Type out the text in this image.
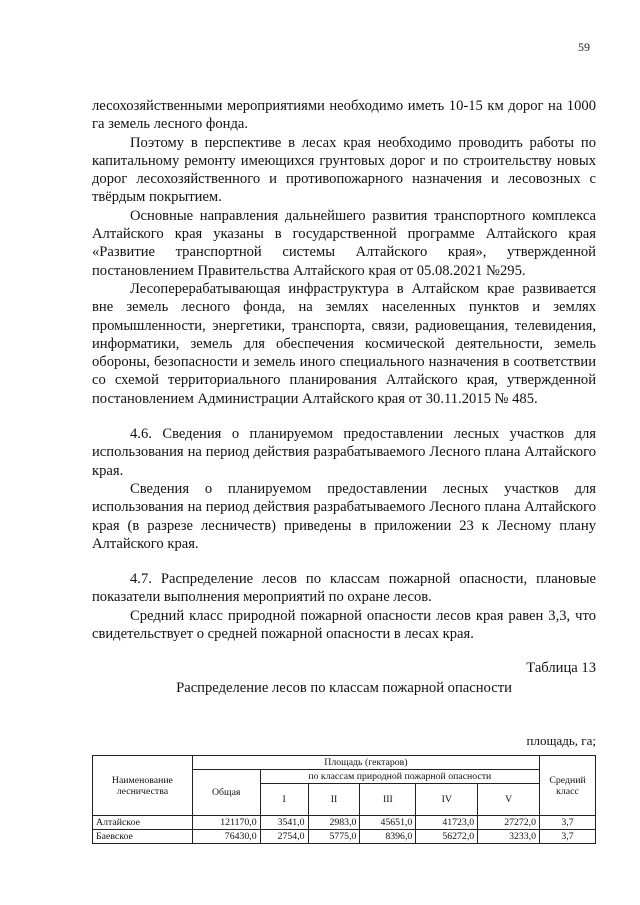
59

лесохозяйственными мероприятиями необходимо иметь 10-15 км дорог на 1000 га земель лесного фонда.

Поэтому в перспективе в лесах края необходимо проводить работы по капитальному ремонту имеющихся грунтовых дорог и по строительству новых дорог лесохозяйственного и противопожарного назначения и лесовозных с твёрдым покрытием.

Основные направления дальнейшего развития транспортного комплекса Алтайского края указаны в государственной программе Алтайского края «Развитие транспортной системы Алтайского края», утвержденной постановлением Правительства Алтайского края от 05.08.2021 №295.

Лесоперерабатывающая инфраструктура в Алтайском крае развивается вне земель лесного фонда, на землях населенных пунктов и землях промышленности, энергетики, транспорта, связи, радиовещания, телевидения, информатики, земель для обеспечения космической деятельности, земель обороны, безопасности и земель иного специального назначения в соответствии со схемой территориального планирования Алтайского края, утвержденной постановлением Администрации Алтайского края от 30.11.2015 № 485.

4.6. Сведения о планируемом предоставлении лесных участков для использования на период действия разрабатываемого Лесного плана Алтайского края.

Сведения о планируемом предоставлении лесных участков для использования на период действия разрабатываемого Лесного плана Алтайского края (в разрезе лесничеств) приведены в приложении 23 к Лесному плану Алтайского края.

4.7. Распределение лесов по классам пожарной опасности, плановые показатели выполнения мероприятий по охране лесов.

Средний класс природной пожарной опасности лесов края равен 3,3, что свидетельствует о средней пожарной опасности в лесах края.

Таблица 13
Распределение лесов по классам пожарной опасности
площадь, га;
Наименование лесничества	Площадь (гектаров)						Средний класс
	Общая	по классам природной пожарной опасности					
		I	II	III	IV	V	
Алтайское	121170,0	3541,0	2983,0	45651,0	41723,0	27272,0	3,7
Баевское	76430,0	2754,0	5775,0	8396,0	56272,0	3233,0	3,7
